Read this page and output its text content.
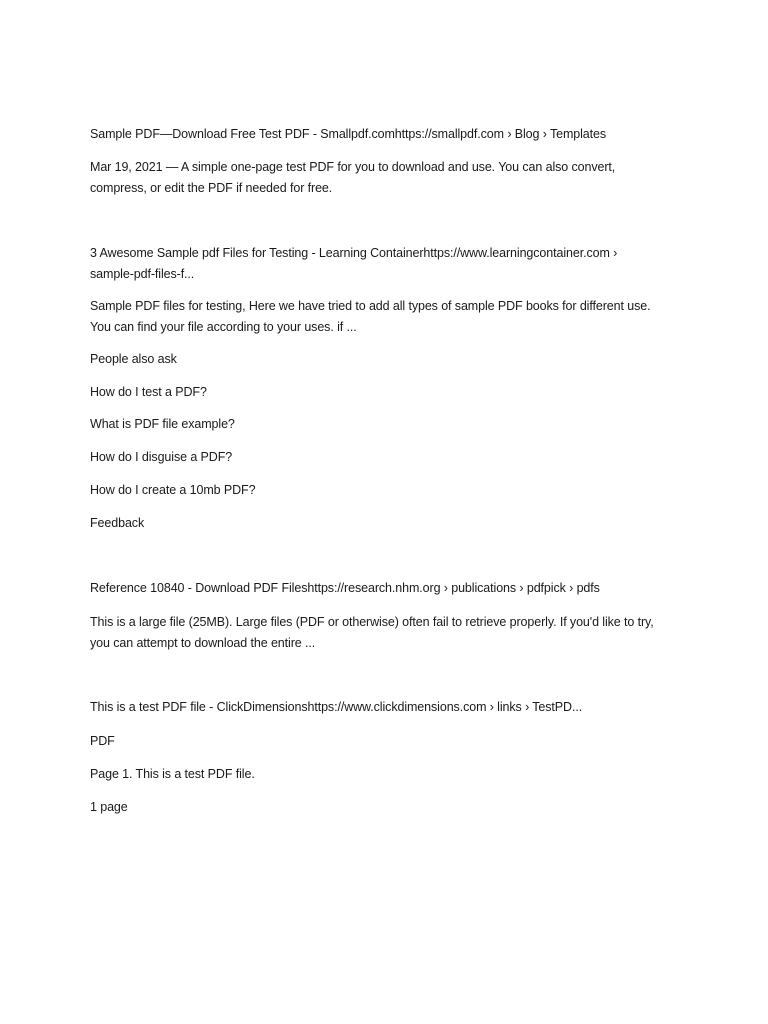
Sample PDF—Download Free Test PDF - Smallpdf.comhttps://smallpdf.com › Blog › Templates
Mar 19, 2021 — A simple one-page test PDF for you to download and use. You can also convert,
compress, or edit the PDF if needed for free.
3 Awesome Sample pdf Files for Testing - Learning Containerhttps://www.learningcontainer.com ›
sample-pdf-files-f...
Sample PDF files for testing, Here we have tried to add all types of sample PDF books for different use.
You can find your file according to your uses. if ...
People also ask
How do I test a PDF?
What is PDF file example?
How do I disguise a PDF?
How do I create a 10mb PDF?
Feedback
Reference 10840 - Download PDF Fileshttps://research.nhm.org › publications › pdfpick › pdfs
This is a large file (25MB). Large files (PDF or otherwise) often fail to retrieve properly. If you'd like to try,
you can attempt to download the entire ...
This is a test PDF file - ClickDimensionshttps://www.clickdimensions.com › links › TestPD...
PDF
Page 1. This is a test PDF file.
1 page
